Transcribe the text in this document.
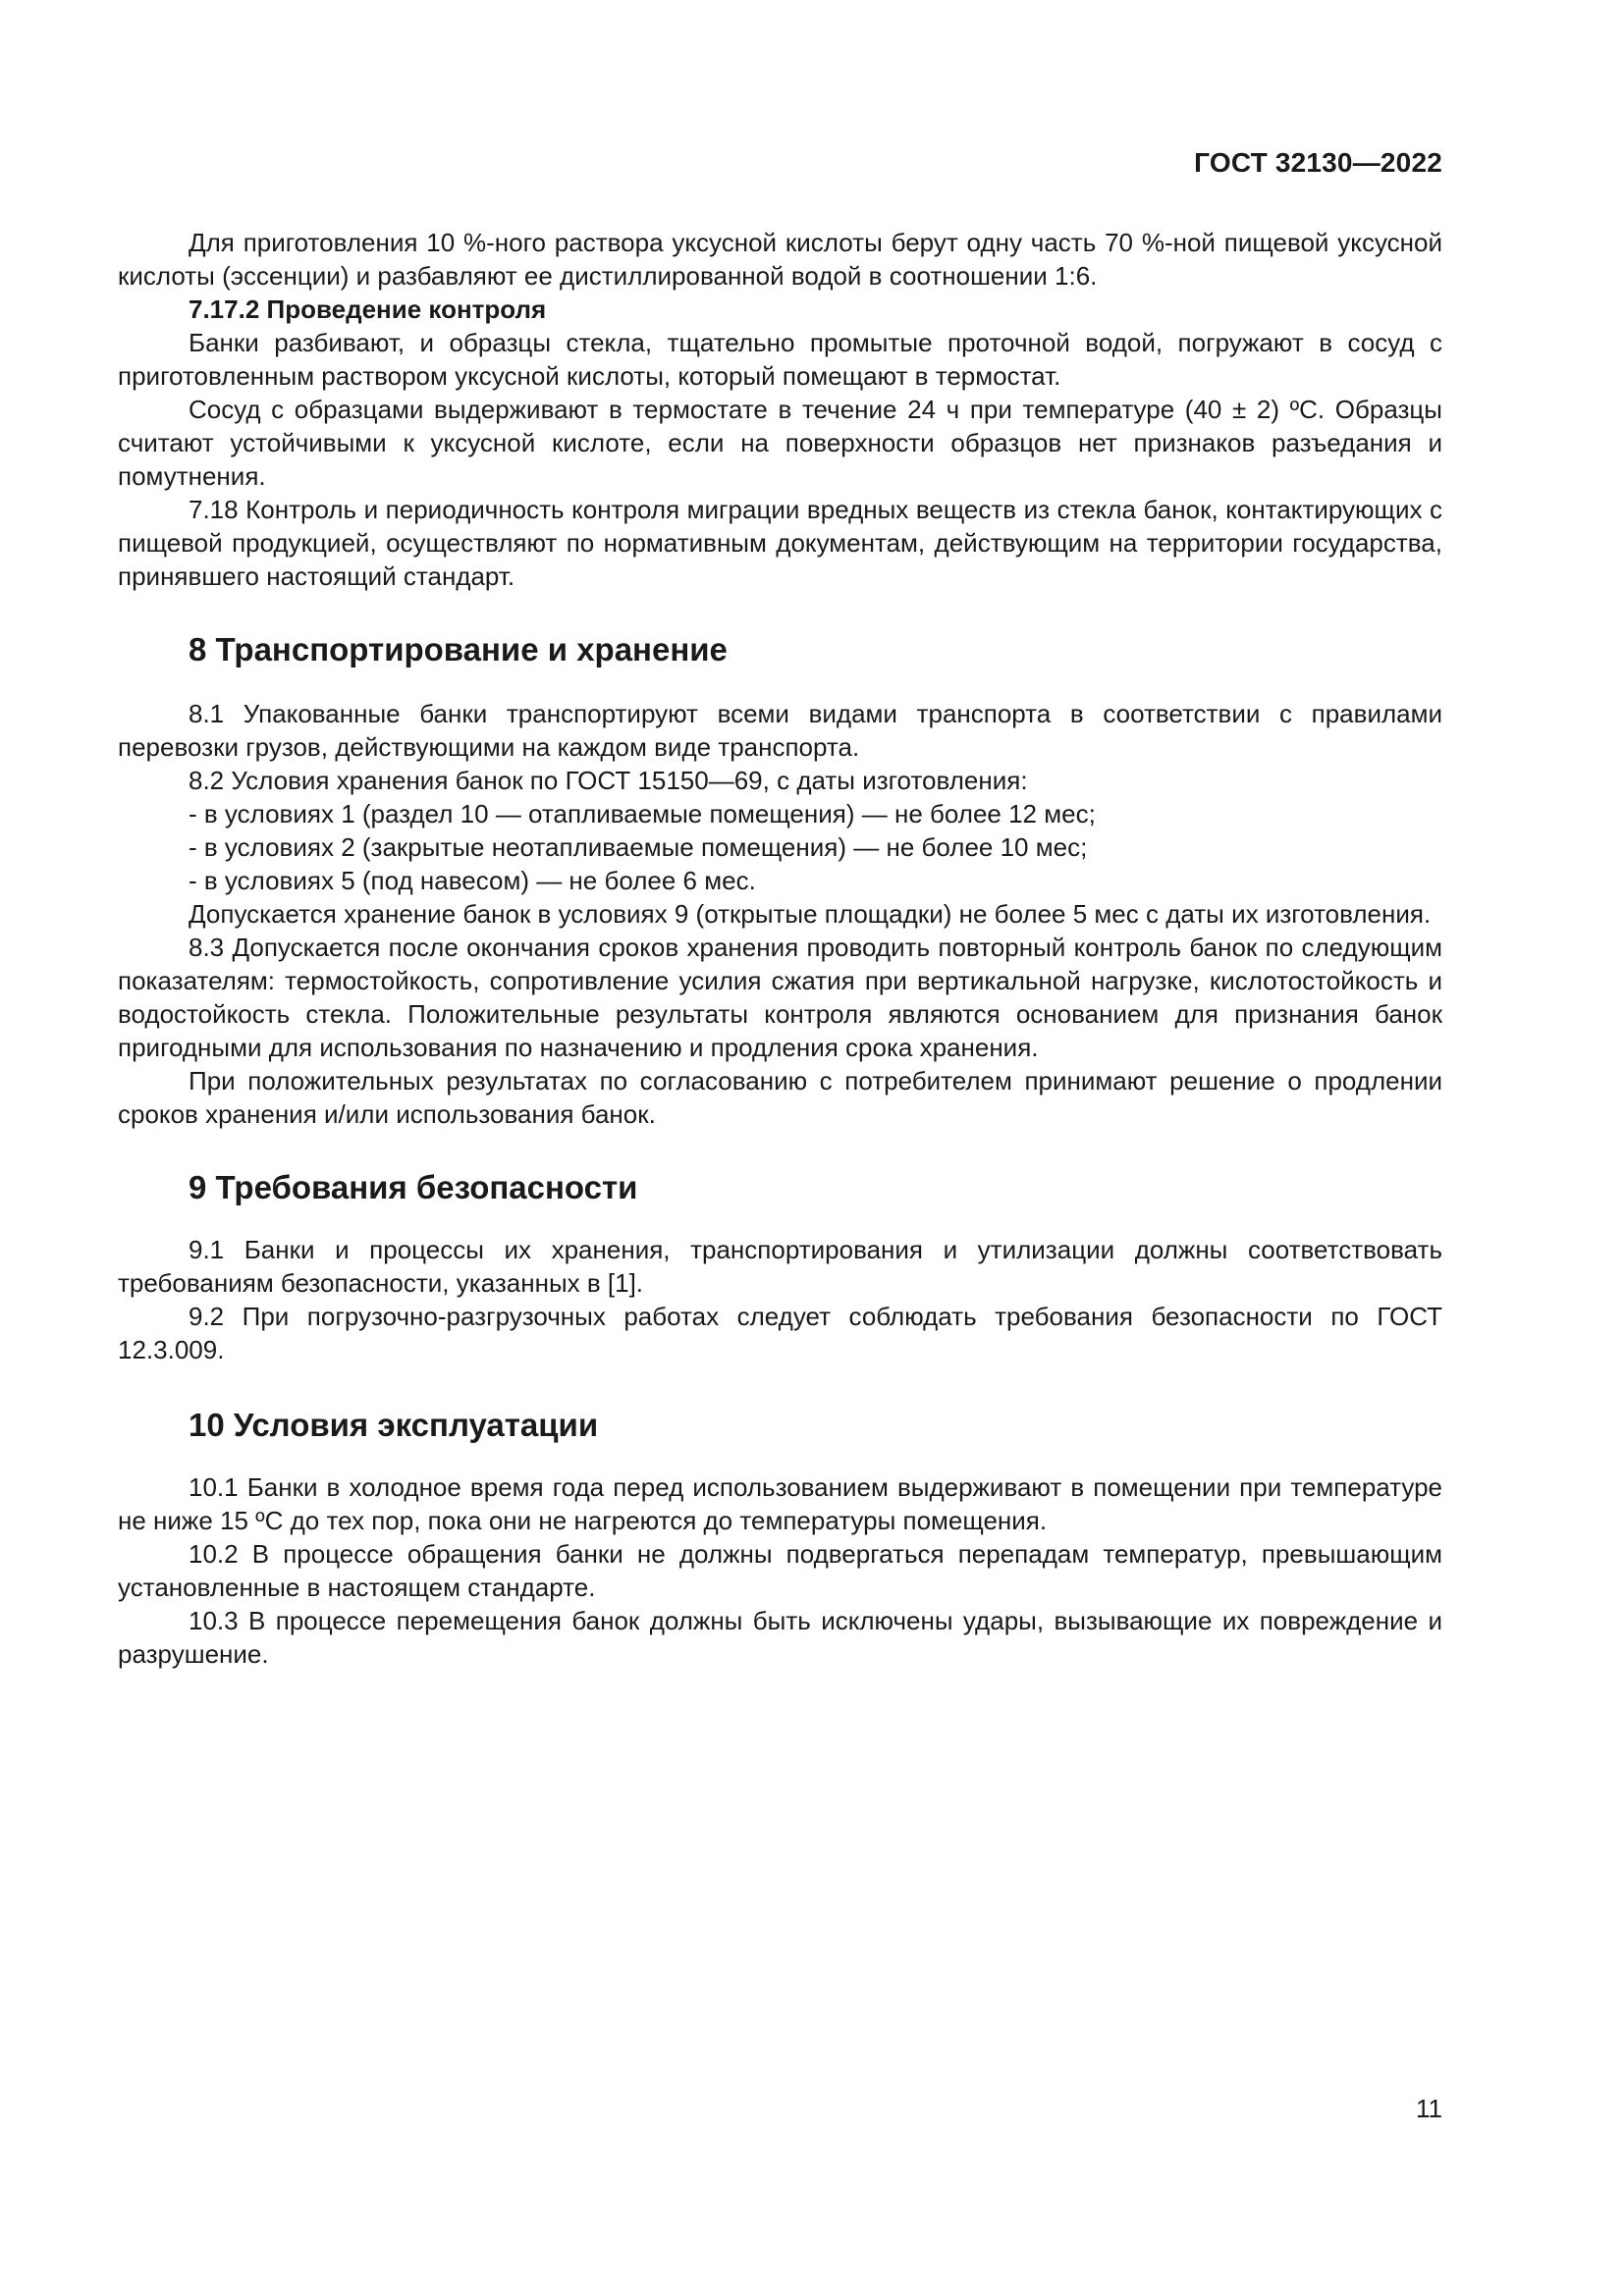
ГОСТ 32130—2022

Для приготовления 10 %-ного раствора уксусной кислоты берут одну часть 70 %-ной пищевой уксусной кислоты (эссенции) и разбавляют ее дистиллированной водой в соотношении 1:6.

7.17.2 Проведение контроля

Банки разбивают, и образцы стекла, тщательно промытые проточной водой, погружают в сосуд с приготовленным раствором уксусной кислоты, который помещают в термостат.

Сосуд с образцами выдерживают в термостате в течение 24 ч при температуре (40 ± 2) ºС. Образцы считают устойчивыми к уксусной кислоте, если на поверхности образцов нет признаков разъедания и помутнения.

7.18 Контроль и периодичность контроля миграции вредных веществ из стекла банок, контактирующих с пищевой продукцией, осуществляют по нормативным документам, действующим на территории государства, принявшего настоящий стандарт.

8 Транспортирование и хранение

8.1 Упакованные банки транспортируют всеми видами транспорта в соответствии с правилами перевозки грузов, действующими на каждом виде транспорта.

8.2 Условия хранения банок по ГОСТ 15150—69, с даты изготовления:

- в условиях 1 (раздел 10 — отапливаемые помещения) — не более 12 мес;

- в условиях 2 (закрытые неотапливаемые помещения) — не более 10 мес;

- в условиях 5 (под навесом) — не более 6 мес.

Допускается хранение банок в условиях 9 (открытые площадки) не более 5 мес с даты их изготовления.

8.3 Допускается после окончания сроков хранения проводить повторный контроль банок по следующим показателям: термостойкость, сопротивление усилия сжатия при вертикальной нагрузке, кислотостойкость и водостойкость стекла. Положительные результаты контроля являются основанием для признания банок пригодными для использования по назначению и продления срока хранения.

При положительных результатах по согласованию с потребителем принимают решение о продлении сроков хранения и/или использования банок.

9 Требования безопасности

9.1 Банки и процессы их хранения, транспортирования и утилизации должны соответствовать требованиям безопасности, указанных в [1].

9.2 При погрузочно-разгрузочных работах следует соблюдать требования безопасности по ГОСТ 12.3.009.

10 Условия эксплуатации

10.1 Банки в холодное время года перед использованием выдерживают в помещении при температуре не ниже 15 ºС до тех пор, пока они не нагреются до температуры помещения.

10.2 В процессе обращения банки не должны подвергаться перепадам температур, превышающим установленные в настоящем стандарте.

10.3 В процессе перемещения банок должны быть исключены удары, вызывающие их повреждение и разрушение.

11
